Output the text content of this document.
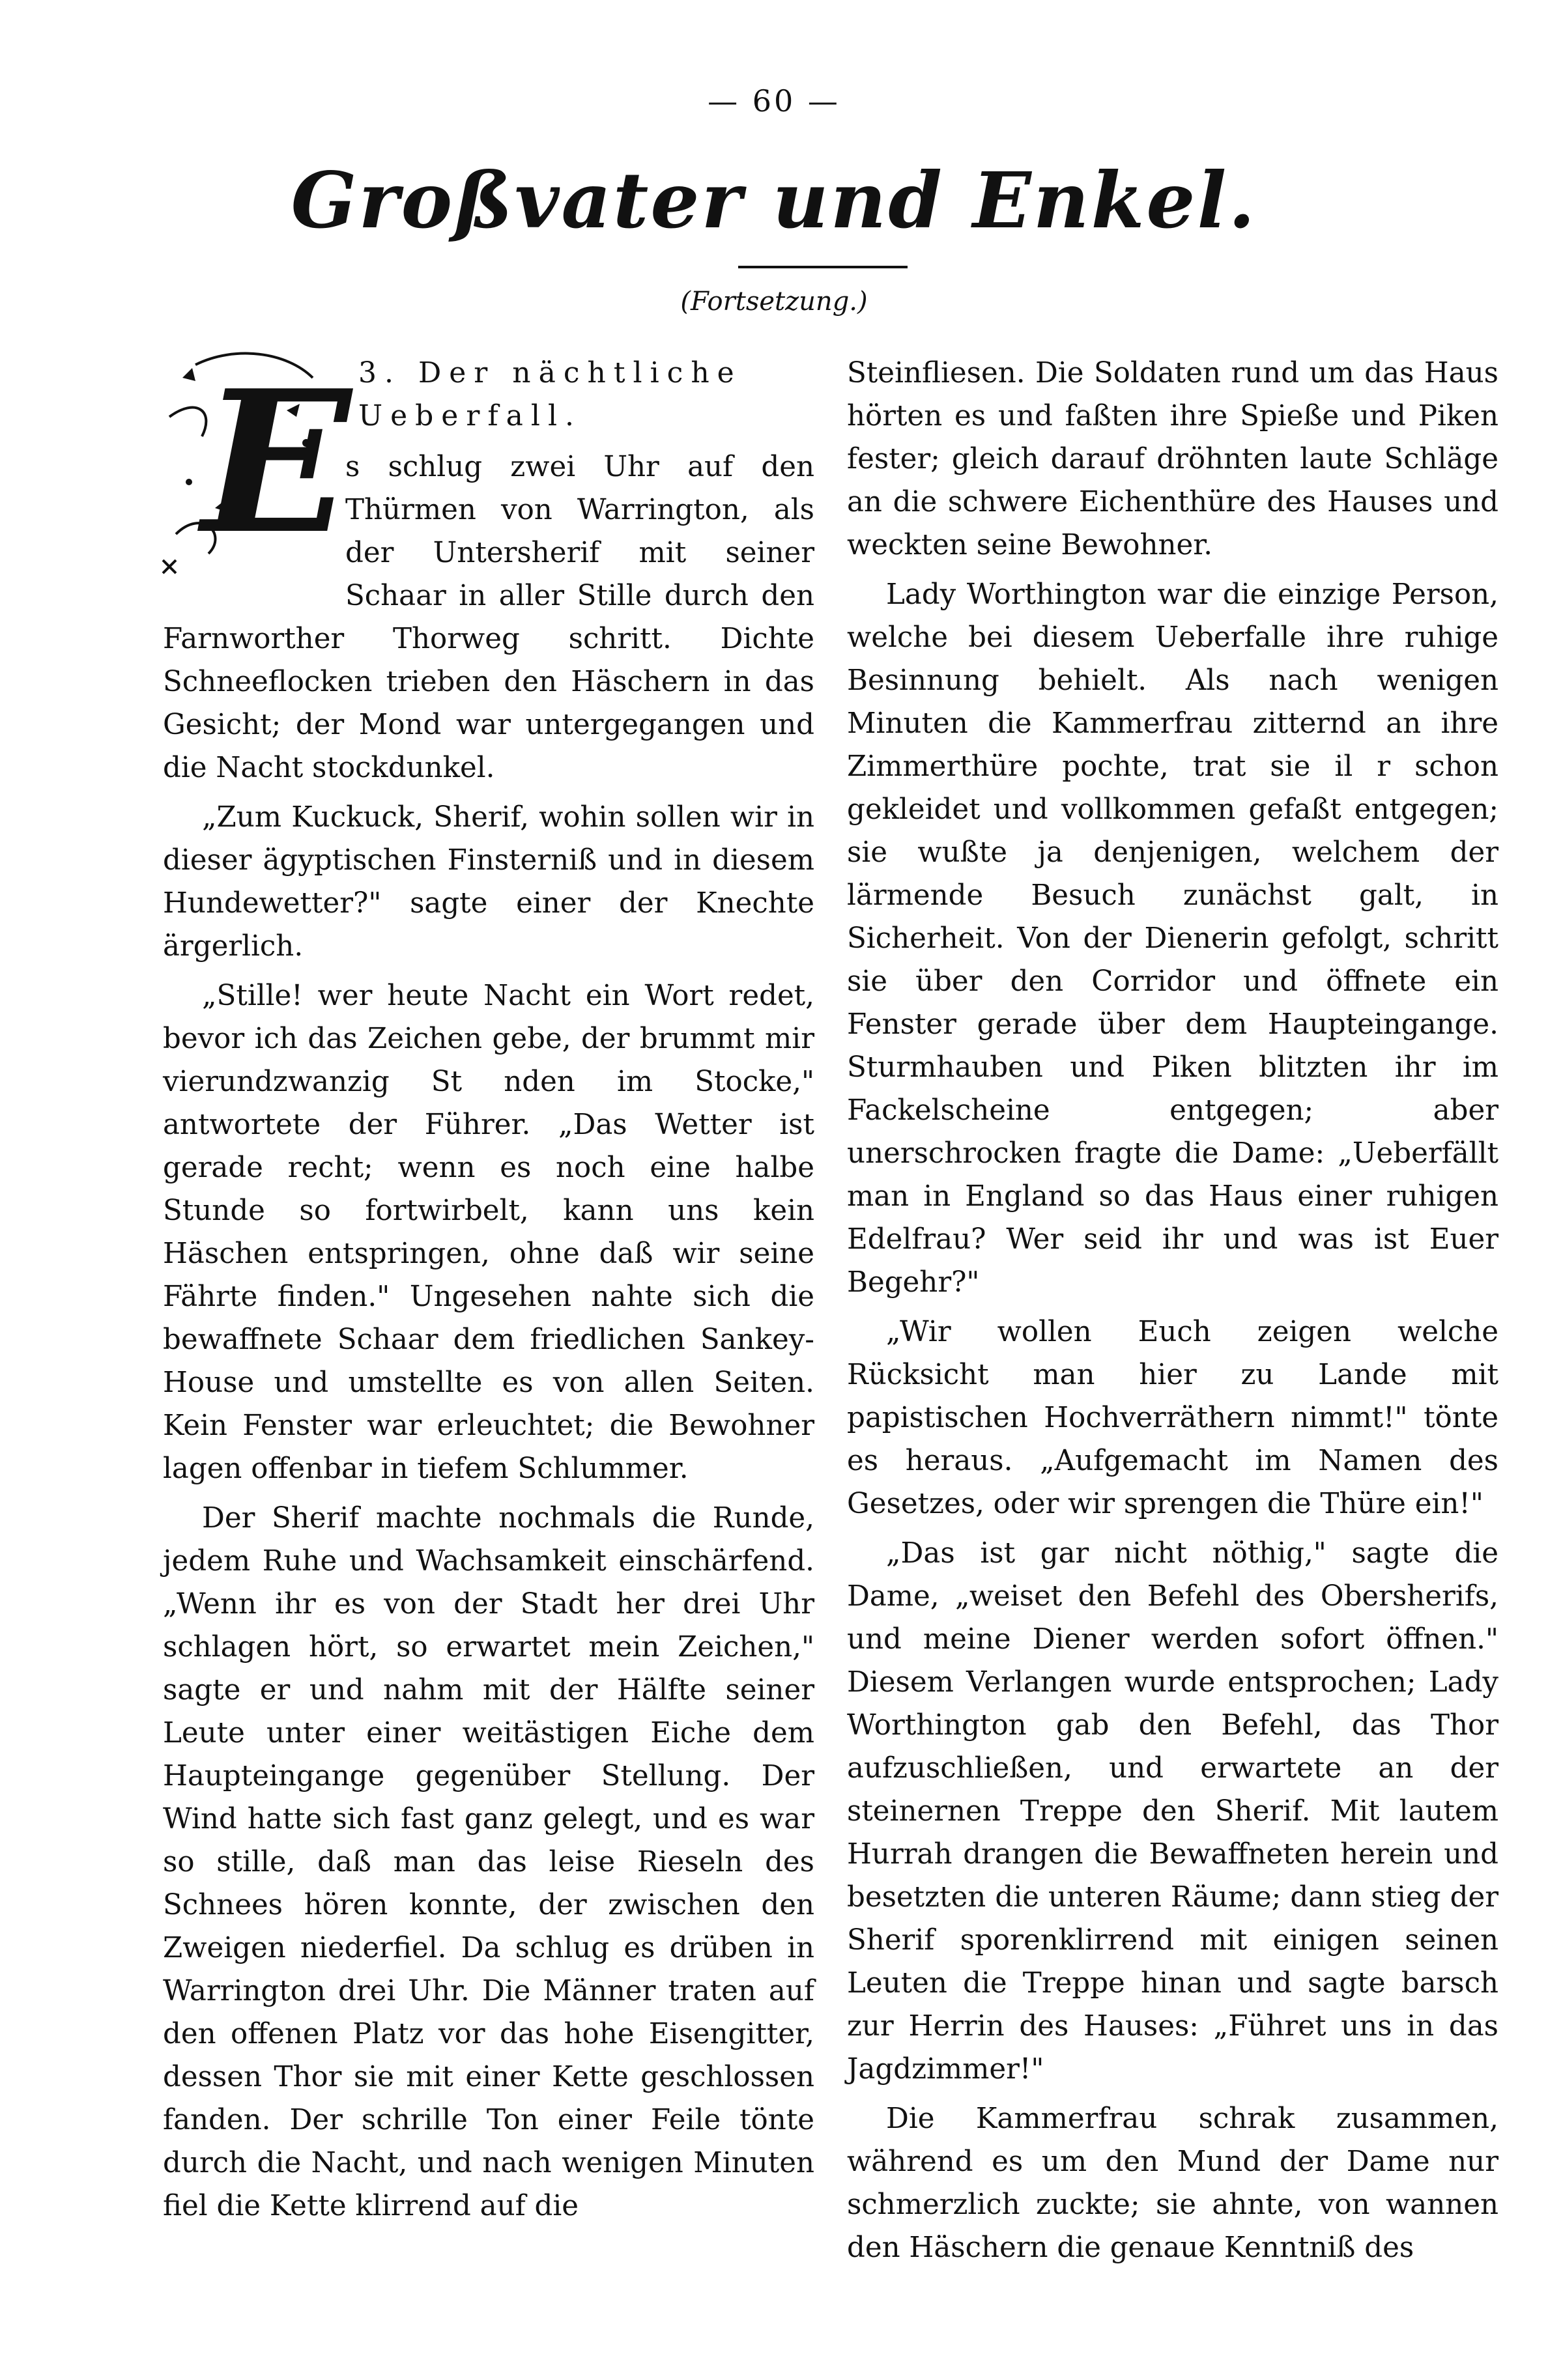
— 60 —
Großvater und Enkel.
(Fortsetzung.)
E 3. Der nächtliche Ueberfall.

s schlug zwei Uhr auf den Thürmen von Warrington, als der Untersherif mit seiner Schaar in aller Stille durch den Farnworther Thorweg schritt. Dichte Schneeflocken trieben den Häschern in das Gesicht; der Mond war untergegangen und die Nacht stockdunkel.

„Zum Kuckuck, Sherif, wohin sollen wir in dieser ägyptischen Finsterniß und in diesem Hundewetter?" sagte einer der Knechte ärgerlich.

„Stille! wer heute Nacht ein Wort redet, bevor ich das Zeichen gebe, der brummt mir vierundzwanzig St nden im Stocke," antwortete der Führer. „Das Wetter ist gerade recht; wenn es noch eine halbe Stunde so fortwirbelt, kann uns kein Häschen entspringen, ohne daß wir seine Fährte finden." Ungesehen nahte sich die bewaffnete Schaar dem friedlichen Sankey-House und umstellte es von allen Seiten. Kein Fenster war erleuchtet; die Bewohner lagen offenbar in tiefem Schlummer.

Der Sherif machte nochmals die Runde, jedem Ruhe und Wachsamkeit einschärfend. „Wenn ihr es von der Stadt her drei Uhr schlagen hört, so erwartet mein Zeichen," sagte er und nahm mit der Hälfte seiner Leute unter einer weitästigen Eiche dem Haupteingange gegenüber Stellung. Der Wind hatte sich fast ganz gelegt, und es war so stille, daß man das leise Rieseln des Schnees hören konnte, der zwischen den Zweigen niederfiel. Da schlug es drüben in Warrington drei Uhr. Die Männer traten auf den offenen Platz vor das hohe Eisengitter, dessen Thor sie mit einer Kette geschlossen fanden. Der schrille Ton einer Feile tönte durch die Nacht, und nach wenigen Minuten fiel die Kette klirrend auf die

Steinfliesen. Die Soldaten rund um das Haus hörten es und faßten ihre Spieße und Piken fester; gleich darauf dröhnten laute Schläge an die schwere Eichenthüre des Hauses und weckten seine Bewohner.

Lady Worthington war die einzige Person, welche bei diesem Ueberfalle ihre ruhige Besinnung behielt. Als nach wenigen Minuten die Kammerfrau zitternd an ihre Zimmerthüre pochte, trat sie il r schon gekleidet und vollkommen gefaßt entgegen; sie wußte ja denjenigen, welchem der lärmende Besuch zunächst galt, in Sicherheit. Von der Dienerin gefolgt, schritt sie über den Corridor und öffnete ein Fenster gerade über dem Haupteingange. Sturmhauben und Piken blitzten ihr im Fackelscheine entgegen; aber unerschrocken fragte die Dame: „Ueberfällt man in England so das Haus einer ruhigen Edelfrau? Wer seid ihr und was ist Euer Begehr?"

„Wir wollen Euch zeigen welche Rücksicht man hier zu Lande mit papistischen Hochverräthern nimmt!" tönte es heraus. „Aufgemacht im Namen des Gesetzes, oder wir sprengen die Thüre ein!"

„Das ist gar nicht nöthig," sagte die Dame, „weiset den Befehl des Obersherifs, und meine Diener werden sofort öffnen." Diesem Verlangen wurde entsprochen; Lady Worthington gab den Befehl, das Thor aufzuschließen, und erwartete an der steinernen Treppe den Sherif. Mit lautem Hurrah drangen die Bewaffneten herein und besetzten die unteren Räume; dann stieg der Sherif sporenklirrend mit einigen seinen Leuten die Treppe hinan und sagte barsch zur Herrin des Hauses: „Führet uns in das Jagdzimmer!"

Die Kammerfrau schrak zusammen, während es um den Mund der Dame nur schmerzlich zuckte; sie ahnte, von wannen den Häschern die genaue Kenntniß des
